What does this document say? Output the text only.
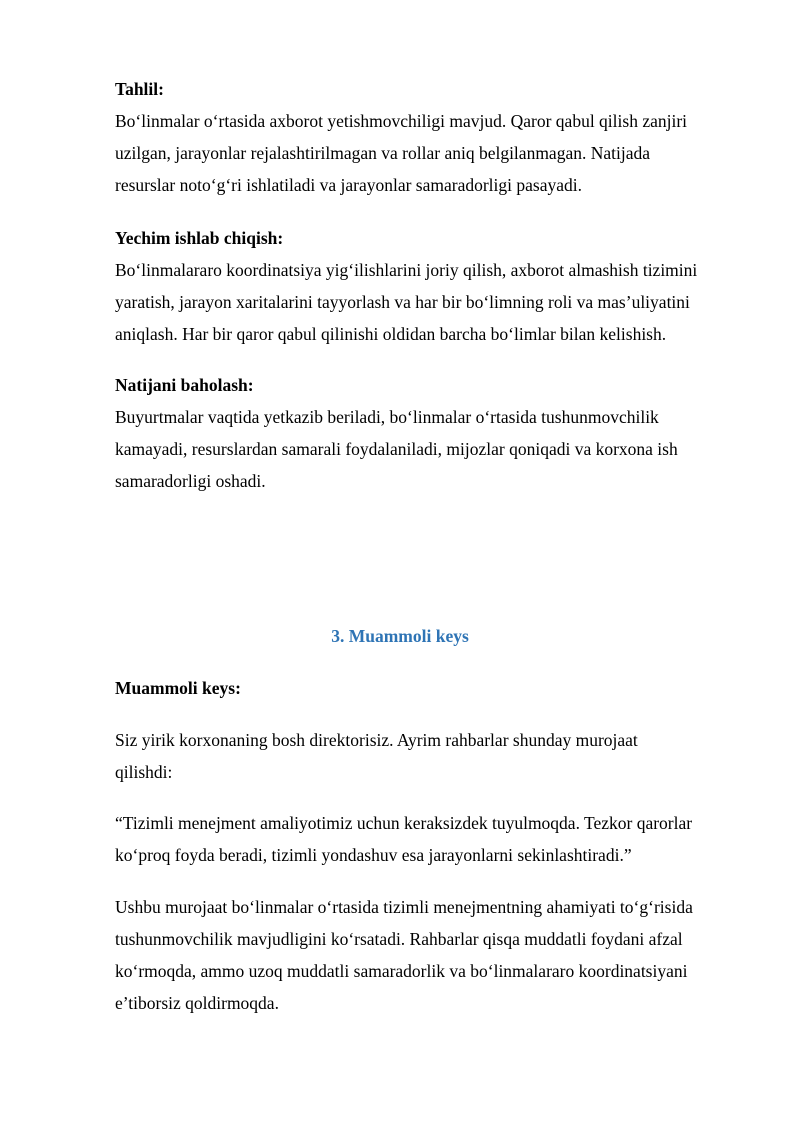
Tahlil:

Bo‘linmalar o‘rtasida axborot yetishmovchiligi mavjud. Qaror qabul qilish zanjiri
uzilgan, jarayonlar rejalashtirilmagan va rollar aniq belgilanmagan. Natijada
resurslar noto‘g‘ri ishlatiladi va jarayonlar samaradorligi pasayadi.

Yechim ishlab chiqish:

Bo‘linmalararo koordinatsiya yig‘ilishlarini joriy qilish, axborot almashish tizimini
yaratish, jarayon xaritalarini tayyorlash va har bir bo‘limning roli va mas’uliyatini
aniqlash. Har bir qaror qabul qilinishi oldidan barcha bo‘limlar bilan kelishish.

Natijani baholash:

Buyurtmalar vaqtida yetkazib beriladi, bo‘linmalar o‘rtasida tushunmovchilik
kamayadi, resurslardan samarali foydalaniladi, mijozlar qoniqadi va korxona ish
samaradorligi oshadi.

3. Muammoli keys

Muammoli keys:

Siz yirik korxonaning bosh direktorisiz. Ayrim rahbarlar shunday murojaat
qilishdi:

“Tizimli menejment amaliyotimiz uchun keraksizdek tuyulmoqda. Tezkor qarorlar
ko‘proq foyda beradi, tizimli yondashuv esa jarayonlarni sekinlashtiradi.”

Ushbu murojaat bo‘linmalar o‘rtasida tizimli menejmentning ahamiyati to‘g‘risida
tushunmovchilik mavjudligini ko‘rsatadi. Rahbarlar qisqa muddatli foydani afzal
ko‘rmoqda, ammo uzoq muddatli samaradorlik va bo‘linmalararo koordinatsiyani
e’tiborsiz qoldirmoqda.
